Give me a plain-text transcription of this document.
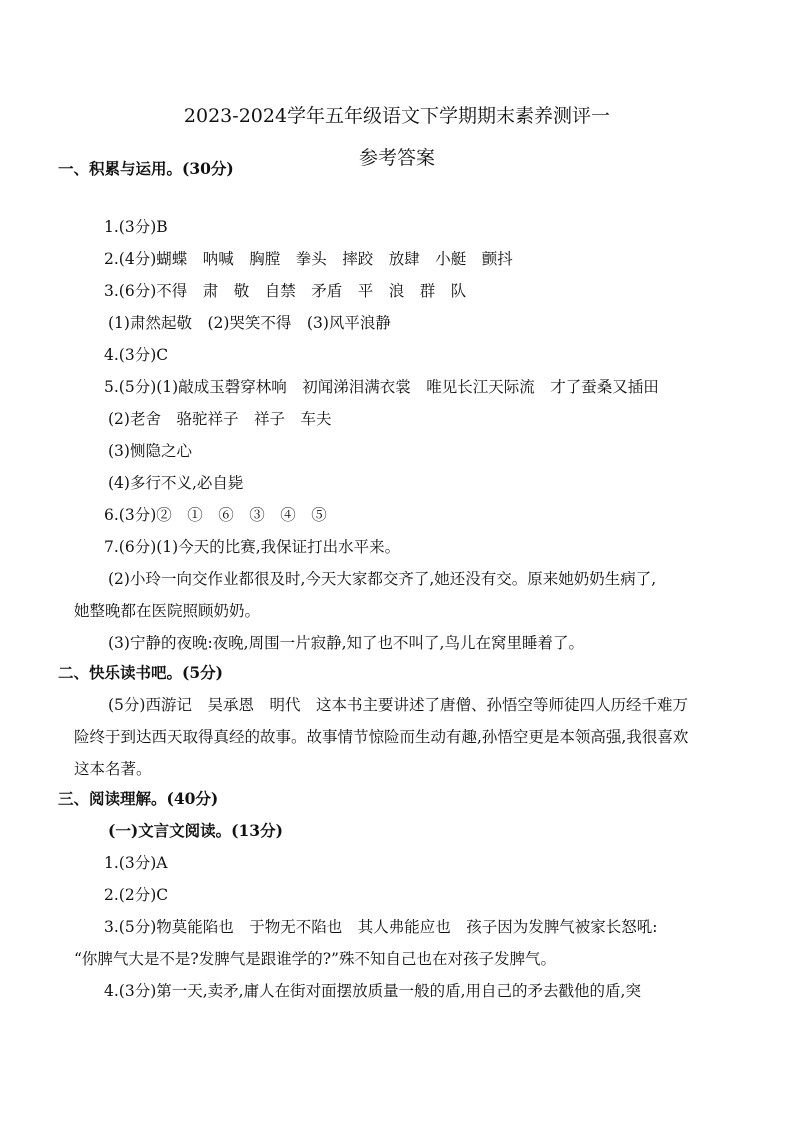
2023-2024学年五年级语文下学期期末素养测评一
参考答案
一、积累与运用。(30分)
1.(3分)B
2.(4分)蝴蝶　呐喊　胸膛　拳头　摔跤　放肆　小艇　颤抖
3.(6分)不得　肃　敬　自禁　矛盾　平　浪　群　队
(1)肃然起敬　(2)哭笑不得　(3)风平浪静
4.(3分)C
5.(5分)(1)敲成玉磬穿林响　初闻涕泪满衣裳　唯见长江天际流　才了蚕桑又插田
(2)老舍　骆驼祥子　祥子　车夫
(3)恻隐之心
(4)多行不义,必自毙
6.(3分)②　①　⑥　③　④　⑤
7.(6分)(1)今天的比赛,我保证打出水平来。
(2)小玲一向交作业都很及时,今天大家都交齐了,她还没有交。原来她奶奶生病了,
她整晚都在医院照顾奶奶。
(3)宁静的夜晚:夜晚,周围一片寂静,知了也不叫了,鸟儿在窝里睡着了。
二、快乐读书吧。(5分)
(5分)西游记　吴承恩　明代　这本书主要讲述了唐僧、孙悟空等师徒四人历经千难万
险终于到达西天取得真经的故事。故事情节惊险而生动有趣,孙悟空更是本领高强,我很喜欢
这本名著。
三、阅读理解。(40分)
(一)文言文阅读。(13分)
1.(3分)A
2.(2分)C
3.(5分)物莫能陷也　于物无不陷也　其人弗能应也　孩子因为发脾气被家长怒吼:
“你脾气大是不是?发脾气是跟谁学的?”殊不知自己也在对孩子发脾气。
4.(3分)第一天,卖矛,庸人在街对面摆放质量一般的盾,用自己的矛去戳他的盾,突
